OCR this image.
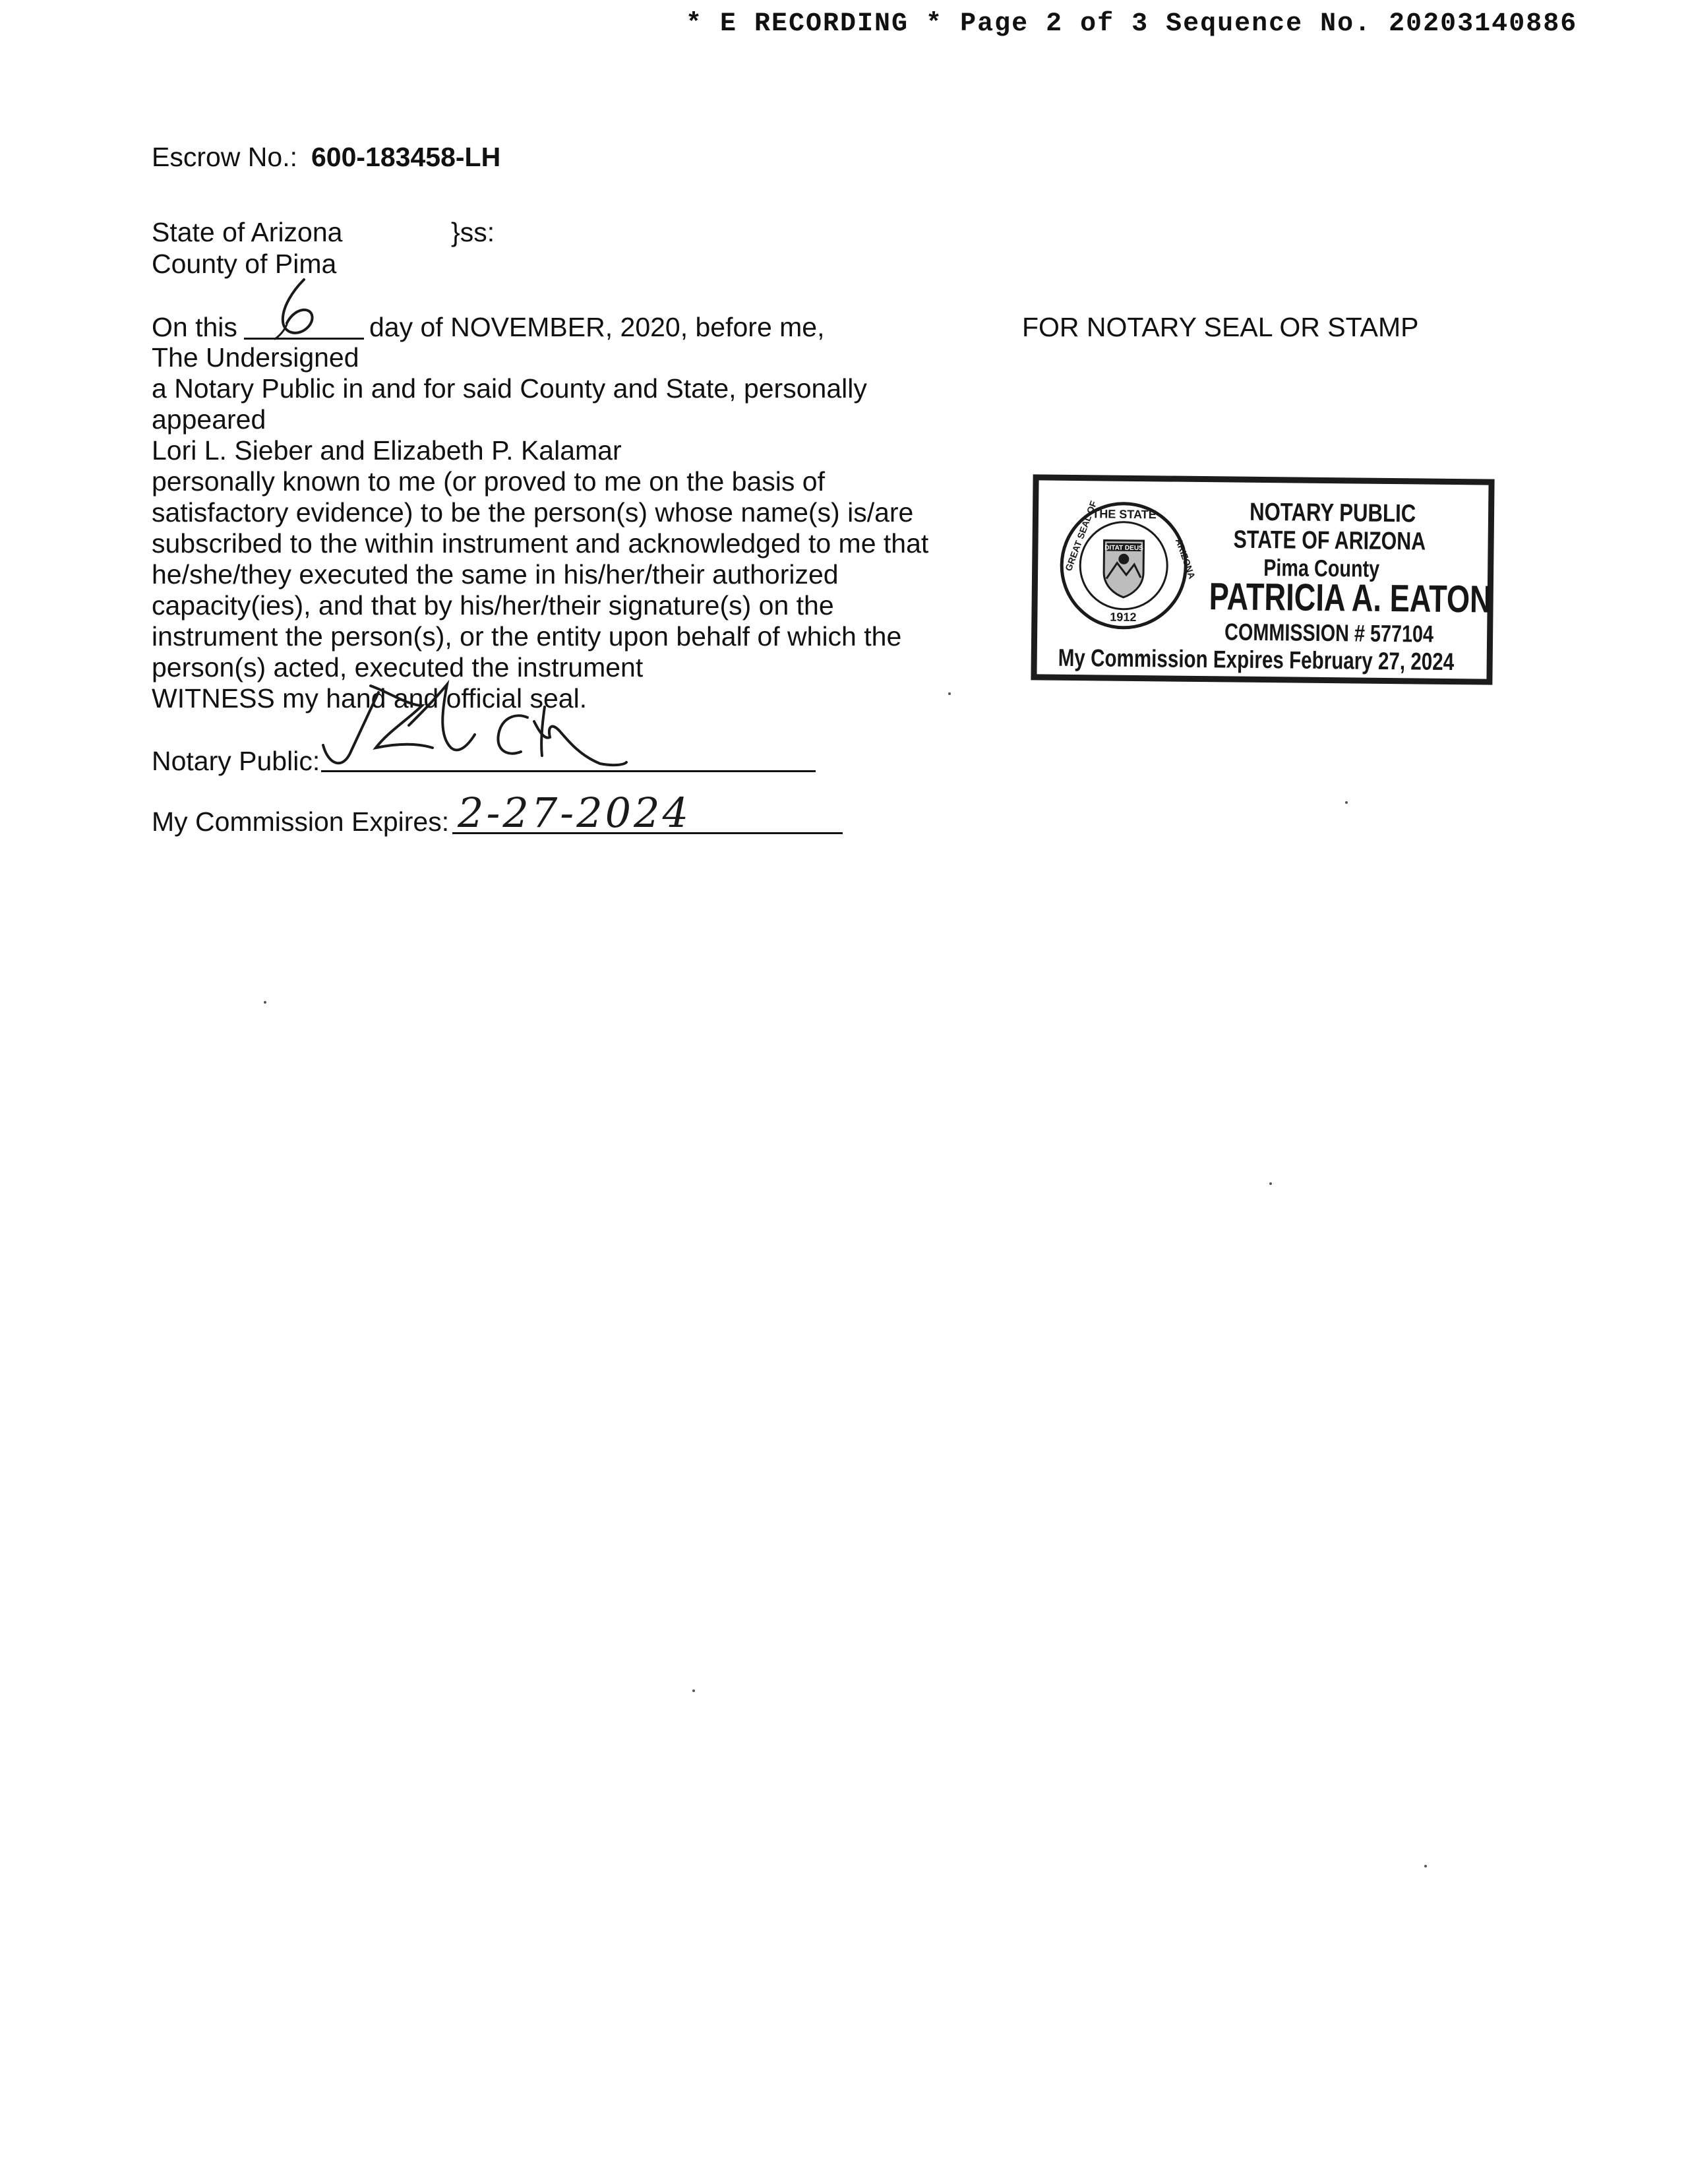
* E RECORDING * Page 2 of 3 Sequence No. 20203140886
Escrow No.: 600-183458-LH
State of Arizona	}ss:
County of Pima
On this	day of NOVEMBER, 2020, before me,	FOR NOTARY SEAL OR STAMP
The Undersigned
a Notary Public in and for said County and State, personally
appeared
Lori L. Sieber and Elizabeth P. Kalamar
personally known to me (or proved to me on the basis of
satisfactory evidence) to be the person(s) whose name(s) is/are
subscribed to the within instrument and acknowledged to me that
he/she/they executed the same in his/her/their authorized
capacity(ies), and that by his/her/their signature(s) on the
instrument the person(s), or the entity upon behalf of which the
person(s) acted, executed the instrument
WITNESS my hand and official seal.
Notary Public:
My Commission Expires: 2-27-2024
THE STATE
DITAT DEUS
1912
GREAT SEAL OF	ARIZONA
NOTARY PUBLIC
STATE OF ARIZONA
Pima County
PATRICIA A. EATON
COMMISSION # 577104
My Commission Expires February 27, 2024
